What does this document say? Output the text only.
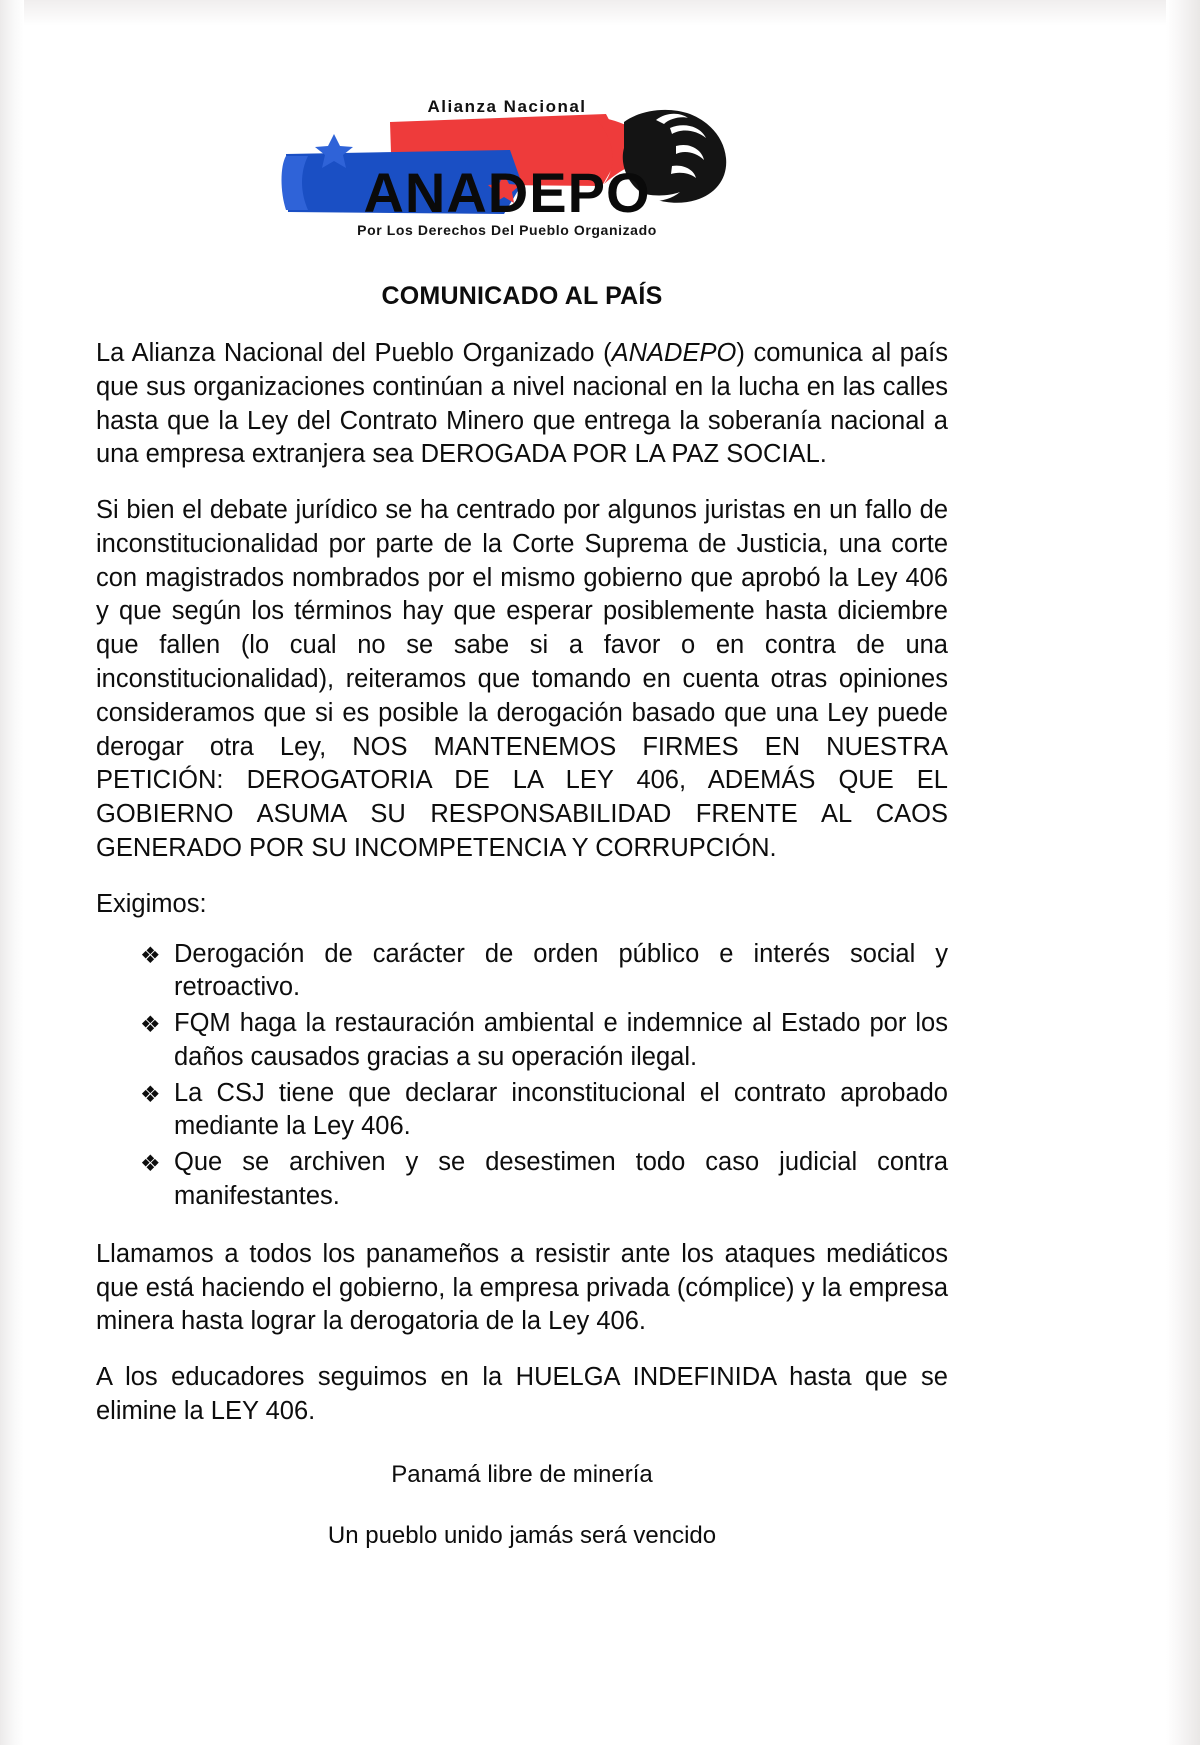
Alianza Nacional
ANADEPO
Por Los Derechos Del Pueblo Organizado
COMUNICADO AL PAÍS

La Alianza Nacional del Pueblo Organizado (ANADEPO) comunica al país que sus organizaciones continúan a nivel nacional en la lucha en las calles hasta que la Ley del Contrato Minero que entrega la soberanía nacional a una empresa extranjera sea DEROGADA POR LA PAZ SOCIAL.

Si bien el debate jurídico se ha centrado por algunos juristas en un fallo de inconstitucionalidad por parte de la Corte Suprema de Justicia, una corte con magistrados nombrados por el mismo gobierno que aprobó la Ley 406 y que según los términos hay que esperar posiblemente hasta diciembre que fallen (lo cual no se sabe si a favor o en contra de una inconstitucionalidad), reiteramos que tomando en cuenta otras opiniones consideramos que si es posible la derogación basado que una Ley puede derogar otra Ley, NOS MANTENEMOS FIRMES EN NUESTRA PETICIÓN: DEROGATORIA DE LA LEY 406, ADEMÁS QUE EL GOBIERNO ASUMA SU RESPONSABILIDAD FRENTE AL CAOS GENERADO POR SU INCOMPETENCIA Y CORRUPCIÓN.

Exigimos:

❖ Derogación de carácter de orden público e interés social y retroactivo.
❖ FQM haga la restauración ambiental e indemnice al Estado por los daños causados gracias a su operación ilegal.
❖ La CSJ tiene que declarar inconstitucional el contrato aprobado mediante la Ley 406.
❖ Que se archiven y se desestimen todo caso judicial contra manifestantes.

Llamamos a todos los panameños a resistir ante los ataques mediáticos que está haciendo el gobierno, la empresa privada (cómplice) y la empresa minera hasta lograr la derogatoria de la Ley 406.

A los educadores seguimos en la HUELGA INDEFINIDA hasta que se elimine la LEY 406.

Panamá libre de minería

Un pueblo unido jamás será vencido
